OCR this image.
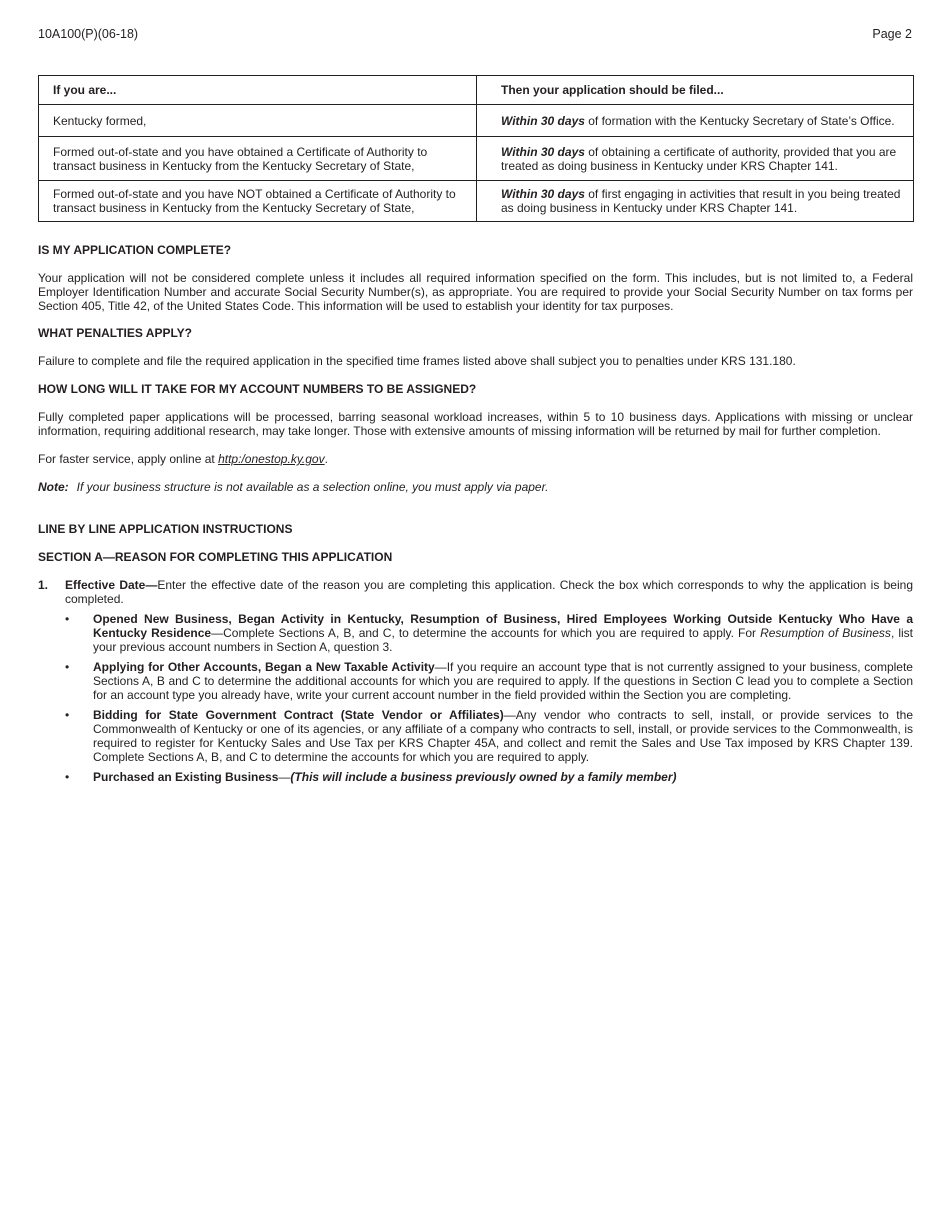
10A100(P)(06-18)	Page 2
If you are...	Then your application should be filed...
Kentucky formed,	Within 30 days of formation with the Kentucky Secretary of State’s Office.
Formed out-of-state and you have obtained a Certificate of Authority to transact business in Kentucky from the Kentucky Secretary of State,	Within 30 days of obtaining a certificate of authority, provided that you are treated as doing business in Kentucky under KRS Chapter 141.
Formed out-of-state and you have NOT obtained a Certificate of Authority to transact business in Kentucky from the Kentucky Secretary of State,	Within 30 days of first engaging in activities that result in you being treated as doing business in Kentucky under KRS Chapter 141.

IS MY APPLICATION COMPLETE?

Your application will not be considered complete unless it includes all required information specified on the form. This includes, but is not limited to, a Federal Employer Identification Number and accurate Social Security Number(s), as appropriate. You are required to provide your Social Security Number on tax forms per Section 405, Title 42, of the United States Code. This information will be used to establish your identity for tax purposes.

WHAT PENALTIES APPLY?

Failure to complete and file the required application in the specified time frames listed above shall subject you to penalties under KRS 131.180.

HOW LONG WILL IT TAKE FOR MY ACCOUNT NUMBERS TO BE ASSIGNED?

Fully completed paper applications will be processed, barring seasonal workload increases, within 5 to 10 business days. Applications with missing or unclear information, requiring additional research, may take longer. Those with extensive amounts of missing information will be returned by mail for further completion.

For faster service, apply online at http:/onestop.ky.gov.

Note: If your business structure is not available as a selection online, you must apply via paper.

LINE BY LINE APPLICATION INSTRUCTIONS

SECTION A—REASON FOR COMPLETING THIS APPLICATION

1. Effective Date—Enter the effective date of the reason you are completing this application. Check the box which corresponds to why the application is being completed.

• Opened New Business, Began Activity in Kentucky, Resumption of Business, Hired Employees Working Outside Kentucky Who Have a Kentucky Residence—Complete Sections A, B, and C, to determine the accounts for which you are required to apply. For Resumption of Business, list your previous account numbers in Section A, question 3.
• Applying for Other Accounts, Began a New Taxable Activity—If you require an account type that is not currently assigned to your business, complete Sections A, B and C to determine the additional accounts for which you are required to apply. If the questions in Section C lead you to complete a Section for an account type you already have, write your current account number in the field provided within the Section you are completing.
• Bidding for State Government Contract (State Vendor or Affiliates)—Any vendor who contracts to sell, install, or provide services to the Commonwealth of Kentucky or one of its agencies, or any affiliate of a company who contracts to sell, install, or provide services to the Commonwealth, is required to register for Kentucky Sales and Use Tax per KRS Chapter 45A, and collect and remit the Sales and Use Tax imposed by KRS Chapter 139. Complete Sections A, B, and C to determine the accounts for which you are required to apply.
• Purchased an Existing Business—(This will include a business previously owned by a family member)
